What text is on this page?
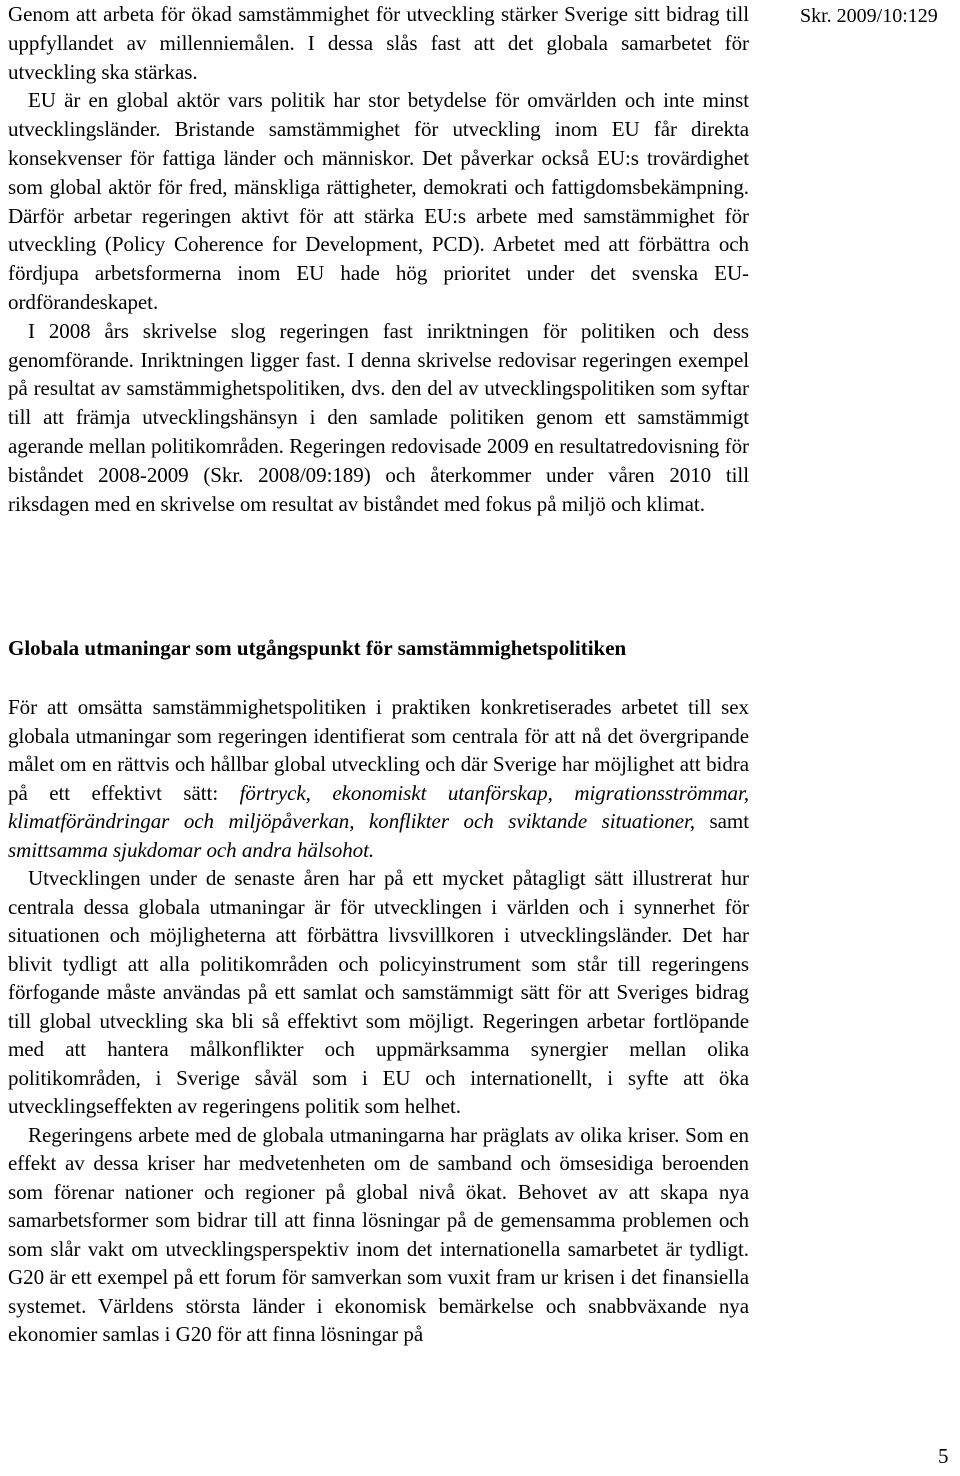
Genom att arbeta för ökad samstämmighet för utveckling stärker Sverige sitt bidrag till uppfyllandet av millenniemålen. I dessa slås fast att det globala samarbetet för utveckling ska stärkas.

EU är en global aktör vars politik har stor betydelse för omvärlden och inte minst utvecklingsländer. Bristande samstämmighet för utveckling inom EU får direkta konsekvenser för fattiga länder och människor. Det påverkar också EU:s trovärdighet som global aktör för fred, mänskliga rättigheter, demokrati och fattigdomsbekämpning. Därför arbetar regeringen aktivt för att stärka EU:s arbete med samstämmighet för utveckling (Policy Coherence for Development, PCD). Arbetet med att förbättra och fördjupa arbetsformerna inom EU hade hög prioritet under det svenska EU-ordförandeskapet.

I 2008 års skrivelse slog regeringen fast inriktningen för politiken och dess genomförande. Inriktningen ligger fast. I denna skrivelse redovisar regeringen exempel på resultat av samstämmighetspolitiken, dvs. den del av utvecklingspolitiken som syftar till att främja utvecklingshänsyn i den samlade politiken genom ett samstämmigt agerande mellan politikområden. Regeringen redovisade 2009 en resultatredovisning för biståndet 2008-2009 (Skr. 2008/09:189) och återkommer under våren 2010 till riksdagen med en skrivelse om resultat av biståndet med fokus på miljö och klimat.

Globala utmaningar som utgångspunkt för samstämmighetspolitiken

För att omsätta samstämmighetspolitiken i praktiken konkretiserades arbetet till sex globala utmaningar som regeringen identifierat som centrala för att nå det övergripande målet om en rättvis och hållbar global utveckling och där Sverige har möjlighet att bidra på ett effektivt sätt: förtryck, ekonomiskt utanförskap, migrationsströmmar, klimatförändringar och miljöpåverkan, konflikter och sviktande situationer, samt smittsamma sjukdomar och andra hälsohot.

Utvecklingen under de senaste åren har på ett mycket påtagligt sätt illustrerat hur centrala dessa globala utmaningar är för utvecklingen i världen och i synnerhet för situationen och möjligheterna att förbättra livsvillkoren i utvecklingsländer. Det har blivit tydligt att alla politikområden och policyinstrument som står till regeringens förfogande måste användas på ett samlat och samstämmigt sätt för att Sveriges bidrag till global utveckling ska bli så effektivt som möjligt. Regeringen arbetar fortlöpande med att hantera målkonflikter och uppmärksamma synergier mellan olika politikområden, i Sverige såväl som i EU och internationellt, i syfte att öka utvecklingseffekten av regeringens politik som helhet.

Regeringens arbete med de globala utmaningarna har präglats av olika kriser. Som en effekt av dessa kriser har medvetenheten om de samband och ömsesidiga beroenden som förenar nationer och regioner på global nivå ökat. Behovet av att skapa nya samarbetsformer som bidrar till att finna lösningar på de gemensamma problemen och som slår vakt om utvecklingsperspektiv inom det internationella samarbetet är tydligt. G20 är ett exempel på ett forum för samverkan som vuxit fram ur krisen i det finansiella systemet. Världens största länder i ekonomisk bemärkelse och snabbväxande nya ekonomier samlas i G20 för att finna lösningar på

Skr. 2009/10:129
5
